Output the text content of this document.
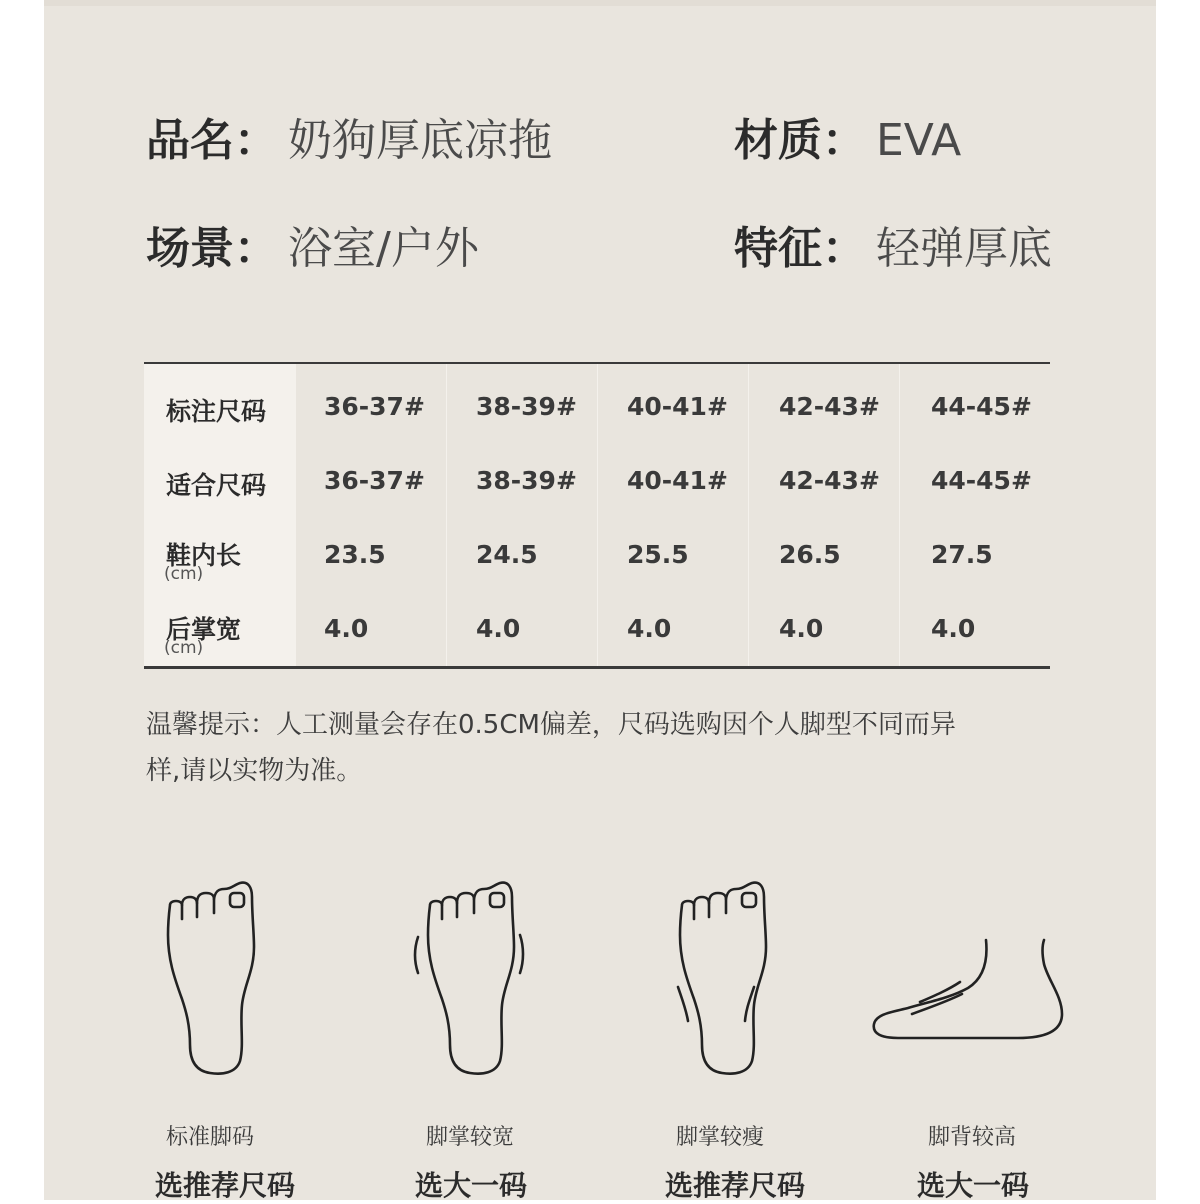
品名： 奶狗厚底凉拖	材质： EVA
场景： 浴室/户外	特征： 轻弹厚底
标注尺码 36-37# 38-39# 40-41# 42-43# 44-45#
适合尺码 36-37# 38-39# 40-41# 42-43# 44-45#
鞋内长
(cm)
23.5	24.5	25.5	26.5	27.5
后掌宽
(cm)
4.0	4.0	4.0	4.0	4.0
温馨提示：人工测量会存在0.5CM偏差，尺码选购因个人脚型不同而异
样,请以实物为准。
标准脚码
选推荐尺码
脚掌较宽
选大一码
脚掌较瘦
选推荐尺码
脚背较高
选大一码
